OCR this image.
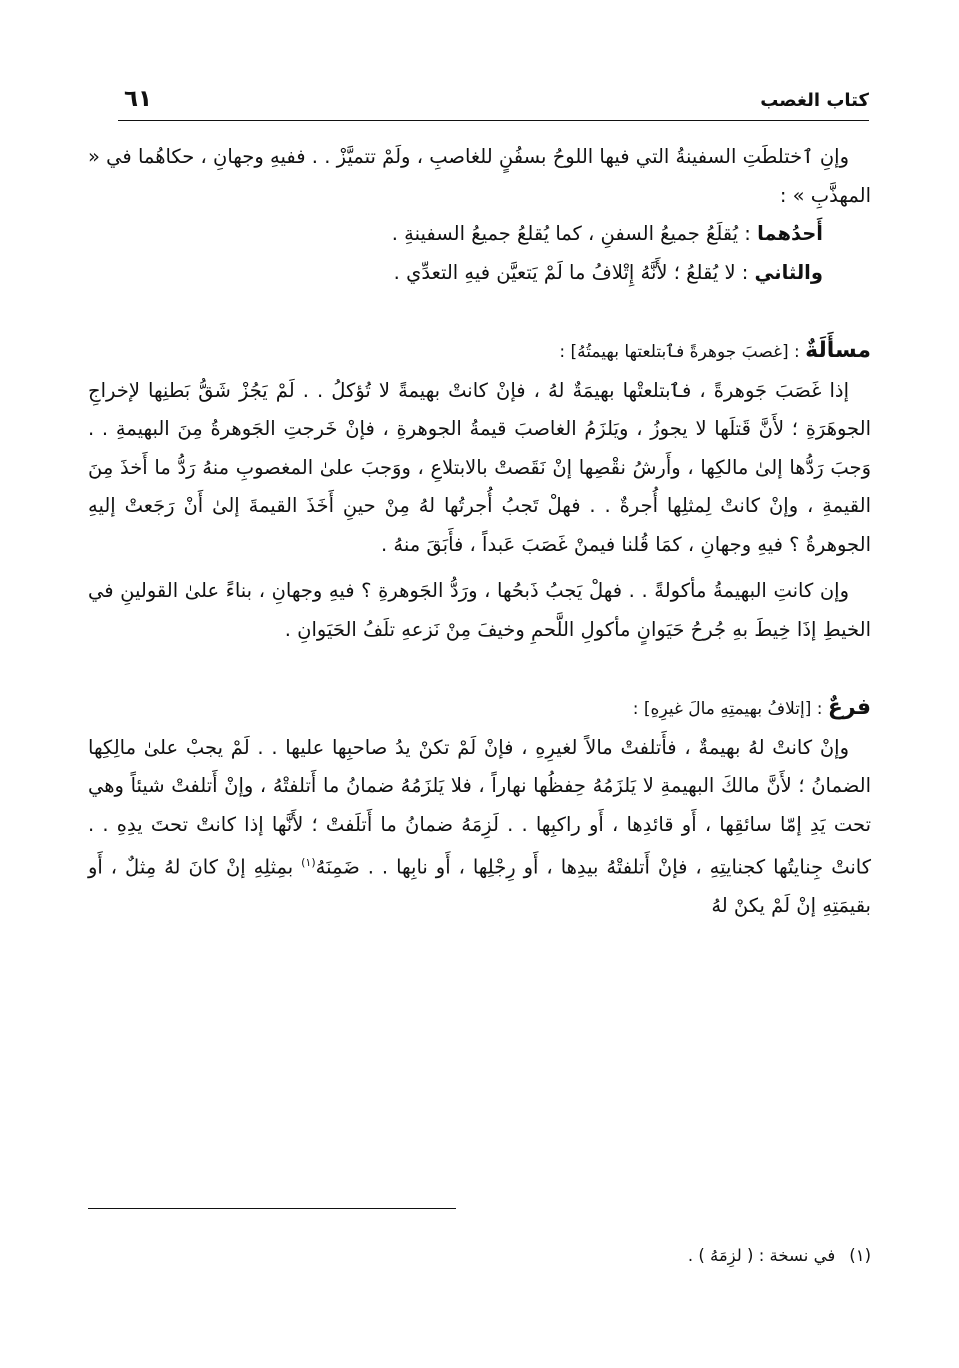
كتاب الغصب
٦١

وإنِ ٱختلطَتِ السفينةُ التي فيها اللوحُ بسفُنٍ للغاصبِ ، ولَمْ تتميَّزْ . . ففيهِ وجهانِ ، حكاهُما في « المهذَّبِ » :

أَحدُهما : يُقلَعُ جميعُ السفنِ ، كما يُقلعُ جميعُ السفينةِ .
والثاني : لا يُقلعُ ؛ لأَنَّهُ إِتْلافُ ما لَمْ يَتعيَّن فيهِ التعدِّي .
مسأَلَةٌ : [غصبَ جوهرةً فٱبتلعتها بهيمتُهُ] :

إذا غَصَبَ جَوهرةً ، فٱبتلعتْها بهيمَةٌ لهُ ، فإنْ كانتْ بهيمةً لا تُؤكلُ . . لَمْ يَجُزْ شَقُّ بَطنِها لإخراجِ الجوهَرَةِ ؛ لأَنَّ قَتلَها لا يجوزُ ، ويَلزَمُ الغاصبَ قيمةُ الجوهرةِ ، فإنْ خَرجتِ الجَوهرةُ مِنَ البهيمةِ . . وَجبَ رَدُّها إلىٰ مالكِها ، وأَرشُ نقْصِها إنْ نَقَصتْ بالابتلاعِ ، ووَجبَ علىٰ المغصوبِ منهُ رَدُّ ما أَخذَ مِنَ القيمةِ ، وإنْ كانتْ لِمثلِها أُجرةٌ . . فهلْ تَجبُ أُجرتُها لهُ مِنْ حينِ أَخَذَ القيمةَ إلىٰ أَنْ رَجَعتْ إليهِ الجوهرةُ ؟ فيهِ وجهانِ ، كمَا قُلنا فيمنْ غَصَبَ عَبداً ، فأَبَقَ منهُ .

وإن كانتِ البهيمةُ مأكولةً . . فهلْ يَجبُ ذَبحُها ، ورَدُّ الجَوهرةِ ؟ فيهِ وجهانِ ، بناءً علىٰ القولينِ في الخيطِ إذَا خِيطَ بهِ جُرحُ حَيَوانٍ مأكولِ اللَّحمِ وخيفَ مِنْ نَزعهِ تلَفُ الحَيَوانِ .

فرعٌ : [إتلافُ بهيمتِهِ مالَ غيرِهِ] :

وإنْ كانتْ لهُ بهيمةٌ ، فأَتلفتْ مالاً لغيرِهِ ، فإنْ لَمْ تكنْ يدُ صاحبِها عليها . . لَمْ يجبْ علىٰ مالِكِها الضمانُ ؛ لأَنَّ مالكَ البهيمةِ لا يَلزَمُهُ حِفظُها نهاراً ، فلا يَلزَمُهُ ضمانُ ما أَتلفتْهُ ، وإنْ أَتلفتْ شيئاً وهي تحت يَدِ إمّا سائقِها ، أَو قائدِها ، أَو راكبِها . . لَزِمَهُ ضمانُ ما أَتلَفتْ ؛ لأَنَّها إذا كانتْ تحتَ يدِهِ . . كانتْ جِنايتُها كجنايتِهِ ، فإنْ أَتلفتْهُ بيدِها ، أَو رِجْلِها ، أَو نابِها . . ضَمِنَهُ$^{(١)}$ بمِثلِهِ إنْ كانَ لهُ مِثلٌ ، أَو بقيمَتِهِ إنْ لَمْ يكنْ لهُ

(١)في نسخة : ( لزِمَهُ ) .
